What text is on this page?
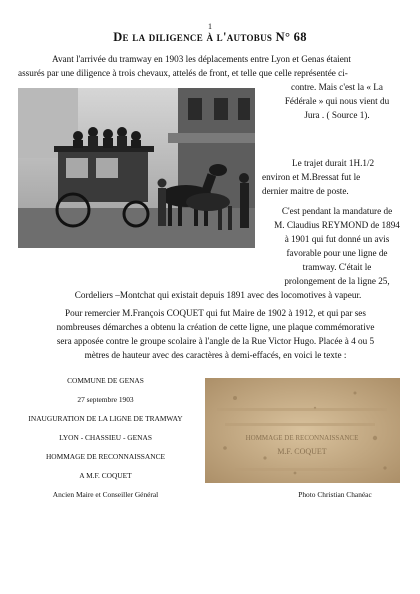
1
De la diligence à l'autobus N° 68
Avant l'arrivée du tramway en 1903 les déplacements entre Lyon et Genas étaient
assurés par une diligence à trois chevaux, attelés de front, et telle que celle représentée ci-
contre. Mais c'est la « La
Fédérale » qui nous vient du
Jura . ( Source 1).
Le trajet durait 1H.1/2
environ et M.Bressat fut le
dernier maitre de poste.
C'est pendant la mandature de
M. Claudius REYMOND de 1894
à 1901 qui fut donné un avis
favorable pour une ligne de
tramway. C'était le
prolongement de la ligne 25,
Cordeliers –Montchat qui existait depuis 1891 avec des locomotives à vapeur.
Pour remercier M.François COQUET qui fut Maire de 1902 à 1912, et qui par ses
nombreuses démarches a obtenu la création de cette ligne, une plaque commémorative
sera apposée contre le groupe scolaire à l'angle de la Rue Victor Hugo. Placée à 4 ou 5
mètres de hauteur avec des caractères à demi-effacés, en voici le texte :
COMMUNE DE GENAS
27 septembre 1903
INAUGURATION DE LA LIGNE DE TRAMWAY
LYON - CHASSIEU - GENAS
HOMMAGE DE RECONNAISSANCE
A M.F. COQUET
Ancien Maire et Conseiller Général
HOMMAGE DE RECONNAISSANCE
M.F. COQUET
Photo Christian Chanéac
